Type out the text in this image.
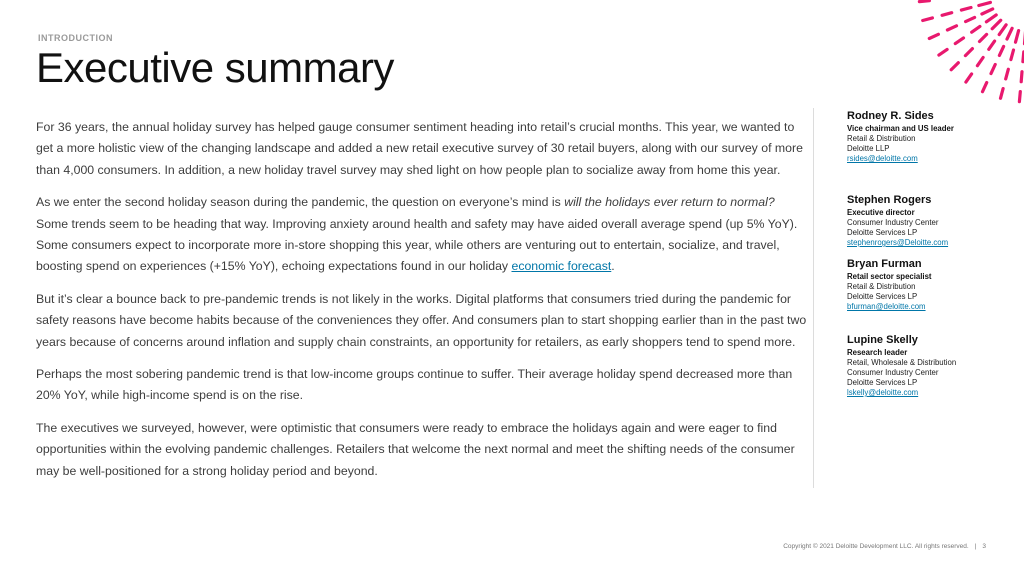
INTRODUCTION
Executive summary

For 36 years, the annual holiday survey has helped gauge consumer sentiment heading into retail’s crucial months. This year, we wanted to get a more holistic view of the changing landscape and added a new retail executive survey of 30 retail buyers, along with our survey of more than 4,000 consumers. In addition, a new holiday travel survey may shed light on how people plan to socialize away from home this year.

As we enter the second holiday season during the pandemic, the question on everyone’s mind is will the holidays ever return to normal? Some trends seem to be heading that way. Improving anxiety around health and safety may have aided overall average spend (up 5% YoY). Some consumers expect to incorporate more in-store shopping this year, while others are venturing out to entertain, socialize, and travel, boosting spend on experiences (+15% YoY), echoing expectations found in our holiday economic forecast.

But it’s clear a bounce back to pre-pandemic trends is not likely in the works. Digital platforms that consumers tried during the pandemic for safety reasons have become habits because of the conveniences they offer. And consumers plan to start shopping earlier than in the past two years because of concerns around inflation and supply chain constraints, an opportunity for retailers, as early shoppers tend to spend more.

Perhaps the most sobering pandemic trend is that low-income groups continue to suffer. Their average holiday spend decreased more than 20% YoY, while high-income spend is on the rise.

The executives we surveyed, however, were optimistic that consumers were ready to embrace the holidays again and were eager to find opportunities within the evolving pandemic challenges. Retailers that welcome the next normal and meet the shifting needs of the consumer may be well-positioned for a strong holiday period and beyond.

Rodney R. Sides
Vice chairman and US leader
Retail & Distribution
Deloitte LLP
rsides@deloitte.com
Stephen Rogers
Executive director
Consumer Industry Center
Deloitte Services LP
stephenrogers@Deloitte.com
Bryan Furman
Retail sector specialist
Retail & Distribution
Deloitte Services LP
bfurman@deloitte.com
Lupine Skelly
Research leader
Retail, Wholesale & Distribution
Consumer Industry Center
Deloitte Services LP
lskelly@deloitte.com
Copyright © 2021 Deloitte Development LLC. All rights reserved. | 3
